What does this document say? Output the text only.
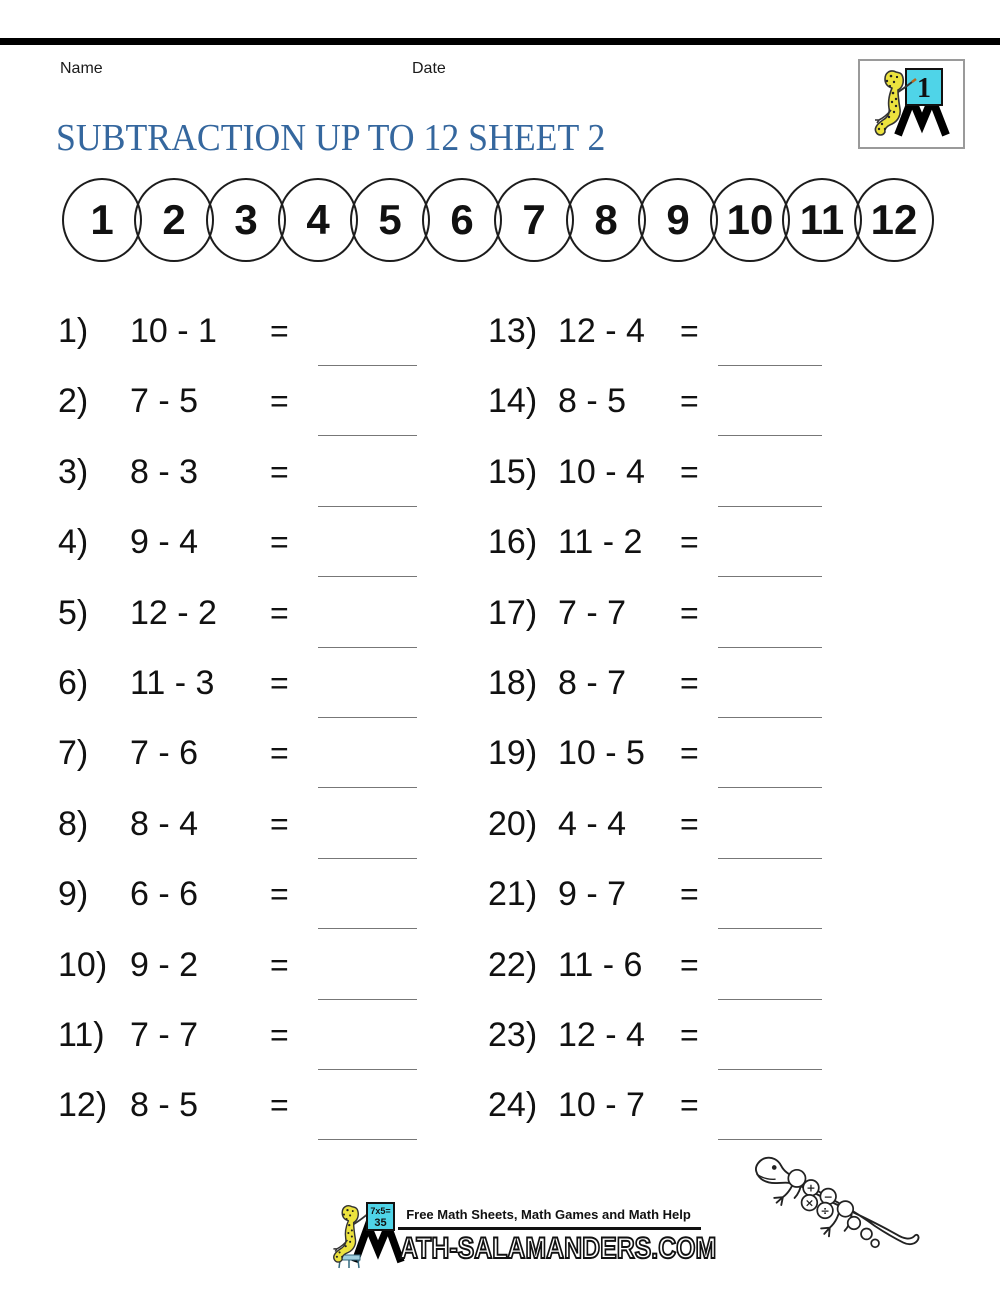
Name	Date
1
SUBTRACTION UP TO 12 SHEET 2
1 2 3 4 5 6 7 8 9 10 11 12
1) 10 - 1 =
2) 7 - 5 =
3) 8 - 3 =
4) 9 - 4 =
5) 12 - 2 =
6) 11 - 3 =
7) 7 - 6 =
8) 8 - 4 =
9) 6 - 6 =
10) 9 - 2 =
11) 7 - 7 =
12) 8 - 5 =
13) 12 - 4 =
14) 8 - 5 =
15) 10 - 4 =
16) 11 - 2 =
17) 7 - 7 =
18) 8 - 7 =
19) 10 - 5 =
20) 4 - 4 =
21) 9 - 7 =
22) 11 - 6 =
23) 12 - 4 =
24) 10 - 7 =
7x5=
35
Free Math Sheets, Math Games and Math Help
ATH-SALAMANDERS.COM
+
−
×
÷
